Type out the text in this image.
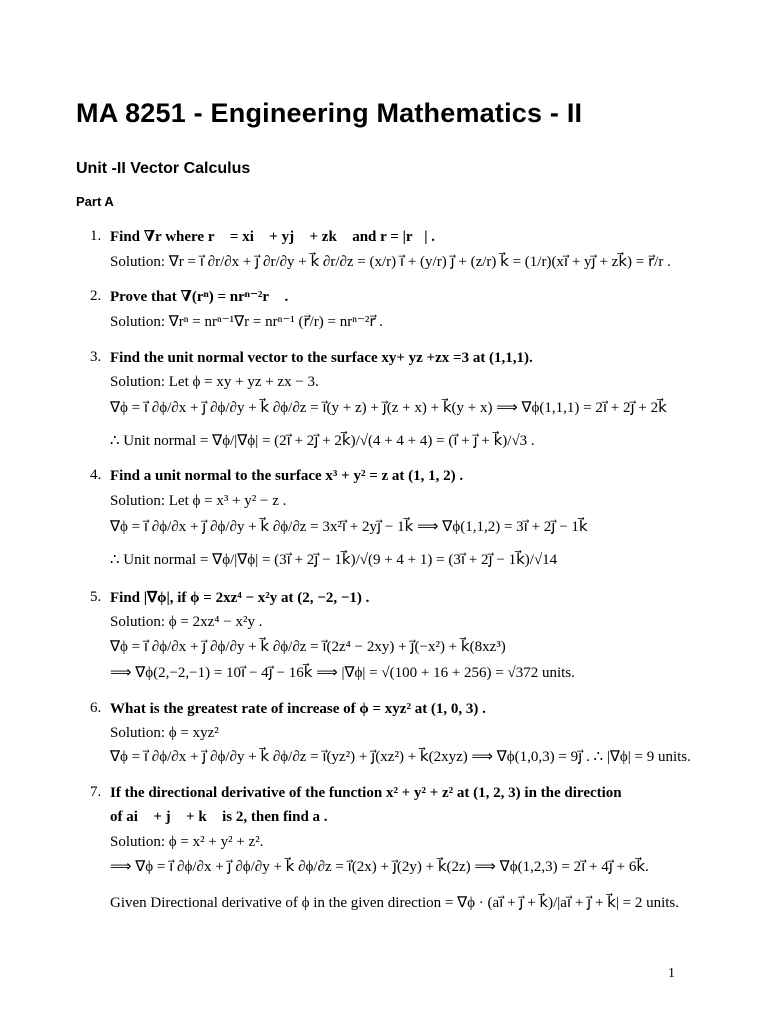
MA 8251 - Engineering Mathematics - II
Unit -II Vector Calculus
Part A
1. Find ∇r where r⃗ = xi⃗ + yj⃗ + zk⃗ and r = |r⃗| .
Solution: ∇r = i⃗ ∂r/∂x + j⃗ ∂r/∂y + k⃗ ∂r/∂z = (x/r) i⃗ + (y/r) j⃗ + (z/r) k⃗ = (1/r)(xi⃗ + yj⃗ + zk⃗) = r⃗/r .
2. Prove that ∇(rⁿ) = nrⁿ⁻²r⃗ .
Solution: ∇rⁿ = nrⁿ⁻¹∇r = nrⁿ⁻¹ (r⃗/r) = nrⁿ⁻²r⃗ .
3. Find the unit normal vector to the surface xy+ yz +zx =3 at (1,1,1).
Solution: Let ϕ = xy + yz + zx − 3.
∇ϕ = i⃗ ∂ϕ/∂x + j⃗ ∂ϕ/∂y + k⃗ ∂ϕ/∂z = i⃗(y + z) + j⃗(z + x) + k⃗(y + x) ⟹ ∇ϕ(1,1,1) = 2i⃗ + 2j⃗ + 2k⃗
∴ Unit normal = ∇ϕ/|∇ϕ| = (2i⃗ + 2j⃗ + 2k⃗)/√(4 + 4 + 4) = (i⃗ + j⃗ + k⃗)/√3 .
4. Find a unit normal to the surface x³ + y² = z at (1, 1, 2) .
Solution: Let ϕ = x³ + y² − z .
∇ϕ = i⃗ ∂ϕ/∂x + j⃗ ∂ϕ/∂y + k⃗ ∂ϕ/∂z = 3x²i⃗ + 2yj⃗ − 1k⃗ ⟹ ∇ϕ(1,1,2) = 3i⃗ + 2j⃗ − 1k⃗
∴ Unit normal = ∇ϕ/|∇ϕ| = (3i⃗ + 2j⃗ − 1k⃗)/√(9 + 4 + 1) = (3i⃗ + 2j⃗ − 1k⃗)/√14
5. Find |∇ϕ|, if ϕ = 2xz⁴ − x²y at (2, −2, −1) .
Solution: ϕ = 2xz⁴ − x²y .
∇ϕ = i⃗ ∂ϕ/∂x + j⃗ ∂ϕ/∂y + k⃗ ∂ϕ/∂z = i⃗(2z⁴ − 2xy) + j⃗(−x²) + k⃗(8xz³)
⟹ ∇ϕ(2,−2,−1) = 10i⃗ − 4j⃗ − 16k⃗ ⟹ |∇ϕ| = √(100 + 16 + 256) = √372 units.
6. What is the greatest rate of increase of ϕ = xyz² at (1, 0, 3) .
Solution: ϕ = xyz²
∇ϕ = i⃗ ∂ϕ/∂x + j⃗ ∂ϕ/∂y + k⃗ ∂ϕ/∂z = i⃗(yz²) + j⃗(xz²) + k⃗(2xyz) ⟹ ∇ϕ(1,0,3) = 9j⃗ . ∴ |∇ϕ| = 9 units.
7. If the directional derivative of the function x² + y² + z² at (1, 2, 3) in the direction
of ai⃗ + j⃗ + k⃗ is 2, then find a .
Solution: ϕ = x² + y² + z².
⟹ ∇ϕ = i⃗ ∂ϕ/∂x + j⃗ ∂ϕ/∂y + k⃗ ∂ϕ/∂z = i⃗(2x) + j⃗(2y) + k⃗(2z) ⟹ ∇ϕ(1,2,3) = 2i⃗ + 4j⃗ + 6k⃗.
Given Directional derivative of ϕ in the given direction = ∇ϕ · (ai⃗ + j⃗ + k⃗)/|ai⃗ + j⃗ + k⃗| = 2 units.
1
